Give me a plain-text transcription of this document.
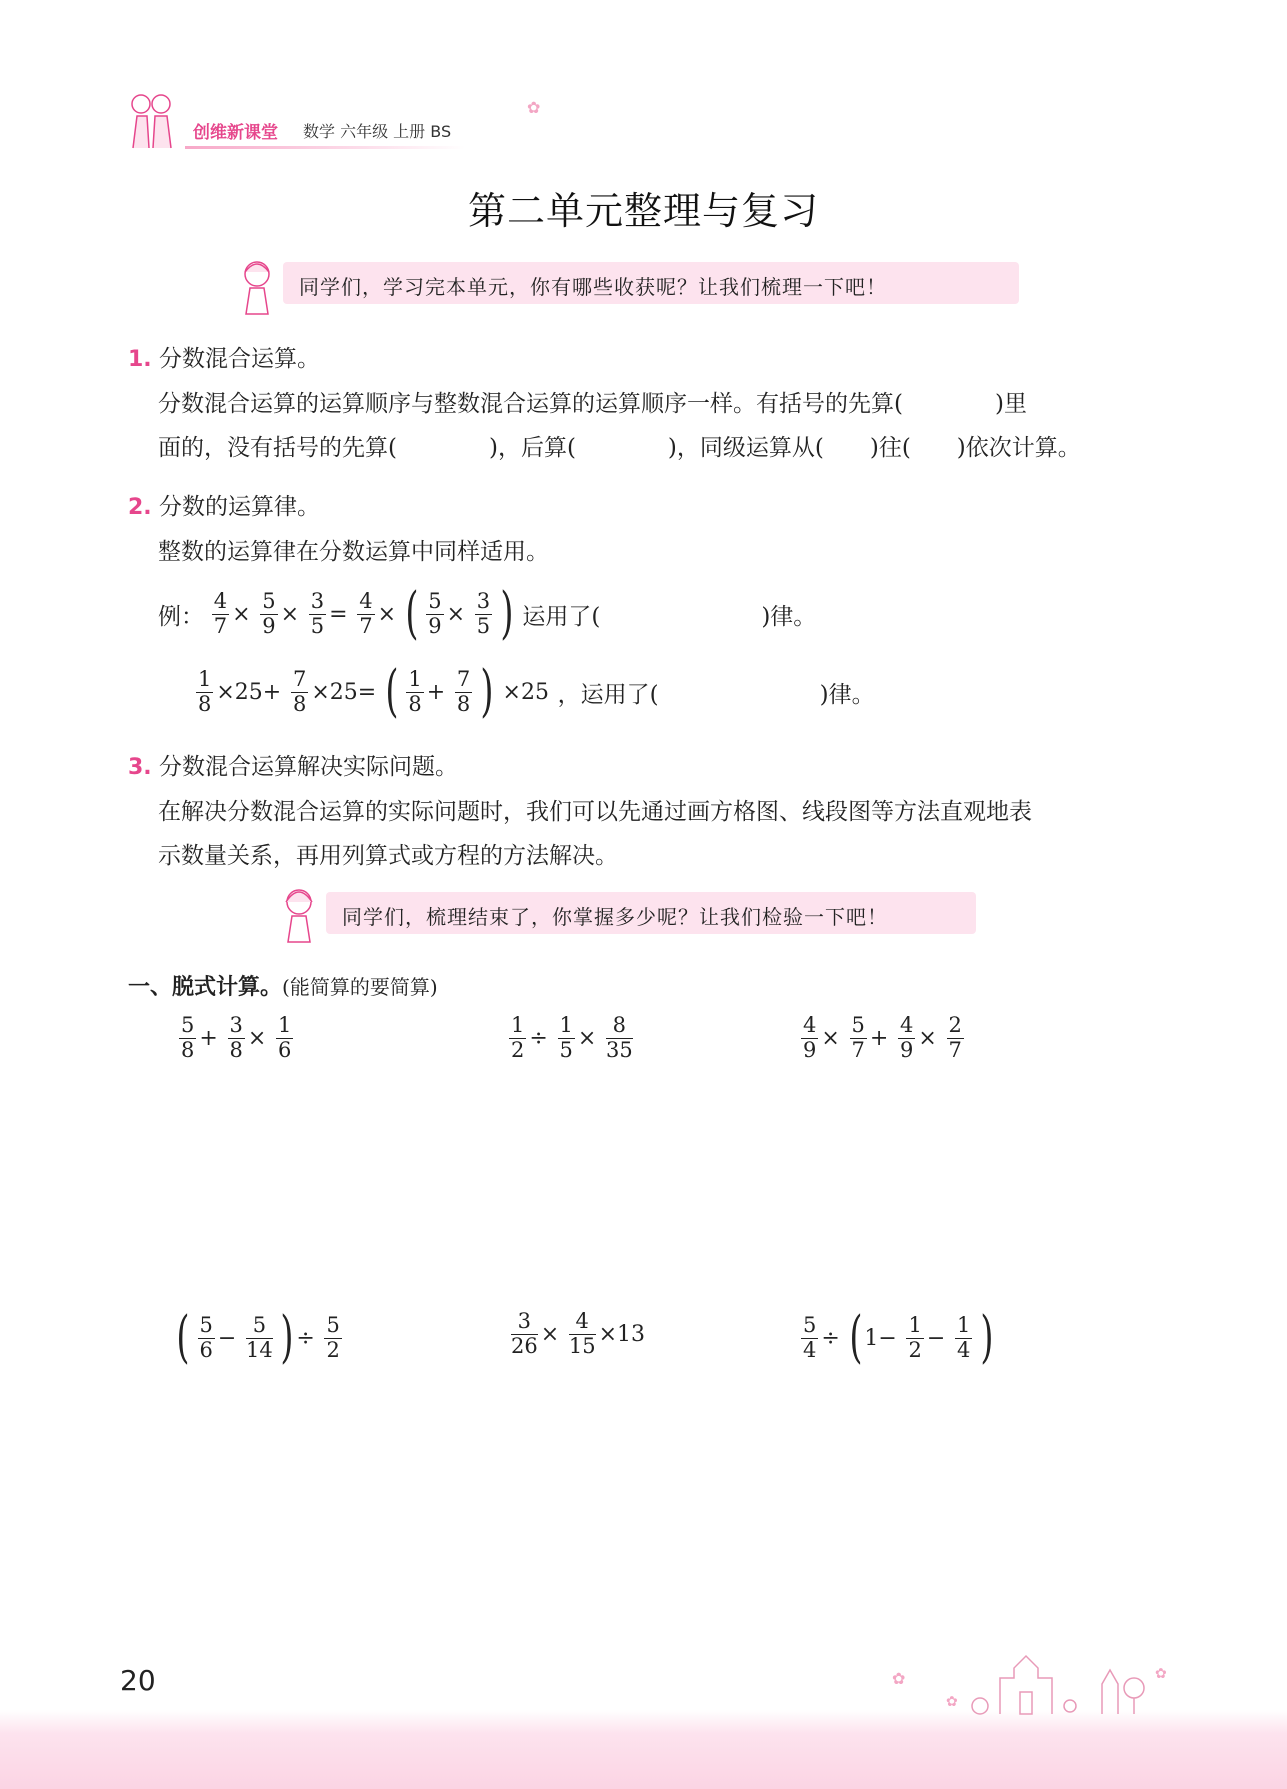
创维新课堂 数学 六年级 上册 BS
✿
第二单元整理与复习
同学们，学习完本单元，你有哪些收获呢？让我们梳理一下吧！
1. 分数混合运算。
分数混合运算的运算顺序与整数混合运算的运算顺序一样。有括号的先算(　　　　)里
面的，没有括号的先算(　　　　)，后算(　　　　)，同级运算从(　　)往(　　)依次计算。
2. 分数的运算律。
整数的运算律在分数运算中同样适用。
例： $\frac{4}{7} \times \frac{5}{9} \times \frac{3}{5} = \frac{4}{7}$ × ( $\frac{5}{9} \times \frac{3}{5}$ ) 运用了(　　　　　　　)律。
$\frac{1}{8} \times 25+ \frac{7}{8} \times 25=$ ( $\frac{1}{8} + \frac{7}{8}$ ) ×25 ，运用了(　　　　　　　)律。
3. 分数混合运算解决实际问题。
在解决分数混合运算的实际问题时，我们可以先通过画方格图、线段图等方法直观地表
示数量关系，再用列算式或方程的方法解决。
同学们，梳理结束了，你掌握多少呢？让我们检验一下吧！
一、脱式计算。(能简算的要简算)
$\frac{5}{8} + \frac{3}{8} \times \frac{1}{6}$	$\frac{1}{2} \div \frac{1}{5} \times \frac{8}{35}$	$\frac{4}{9} \times \frac{5}{7} + \frac{4}{9} \times \frac{2}{7}$
( $\frac{5}{6} - \frac{5}{14}$ ) ÷ $\frac{5}{2}$	$\frac{3}{26} \times \frac{4}{15} \times 13$	$\frac{5}{4}$ ÷ ( $1- \frac{1}{2} - \frac{1}{4}$ )
20	✿
✿
✿
